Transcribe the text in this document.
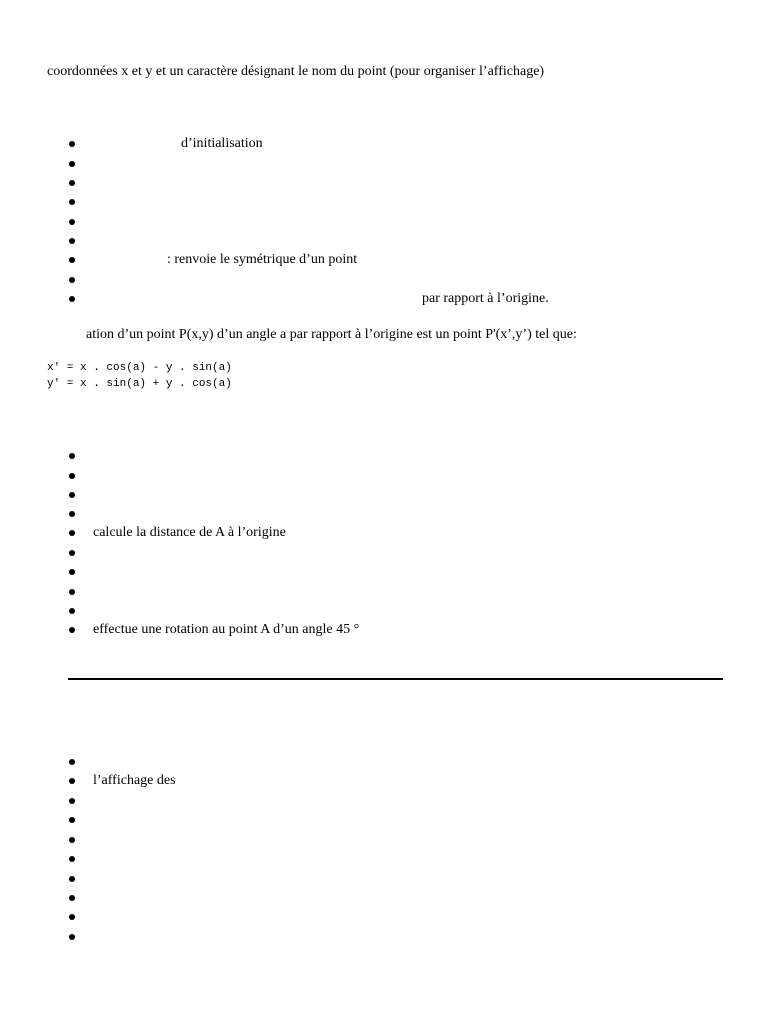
coordonnées x et y et un caractère désignant le nom du point (pour organiser l’affichage)
d’initialisation
: renvoie le symétrique d’un point
par rapport à l’origine.
ation d’un point P(x,y) d’un angle a par rapport à l’origine est un point P'(x’,y’) tel que:
x' = x . cos(a) - y . sin(a)
y' = x . sin(a) + y . cos(a)
calcule la distance de A à l’origine
effectue une rotation au point A d’un angle 45 °
l’affichage des
